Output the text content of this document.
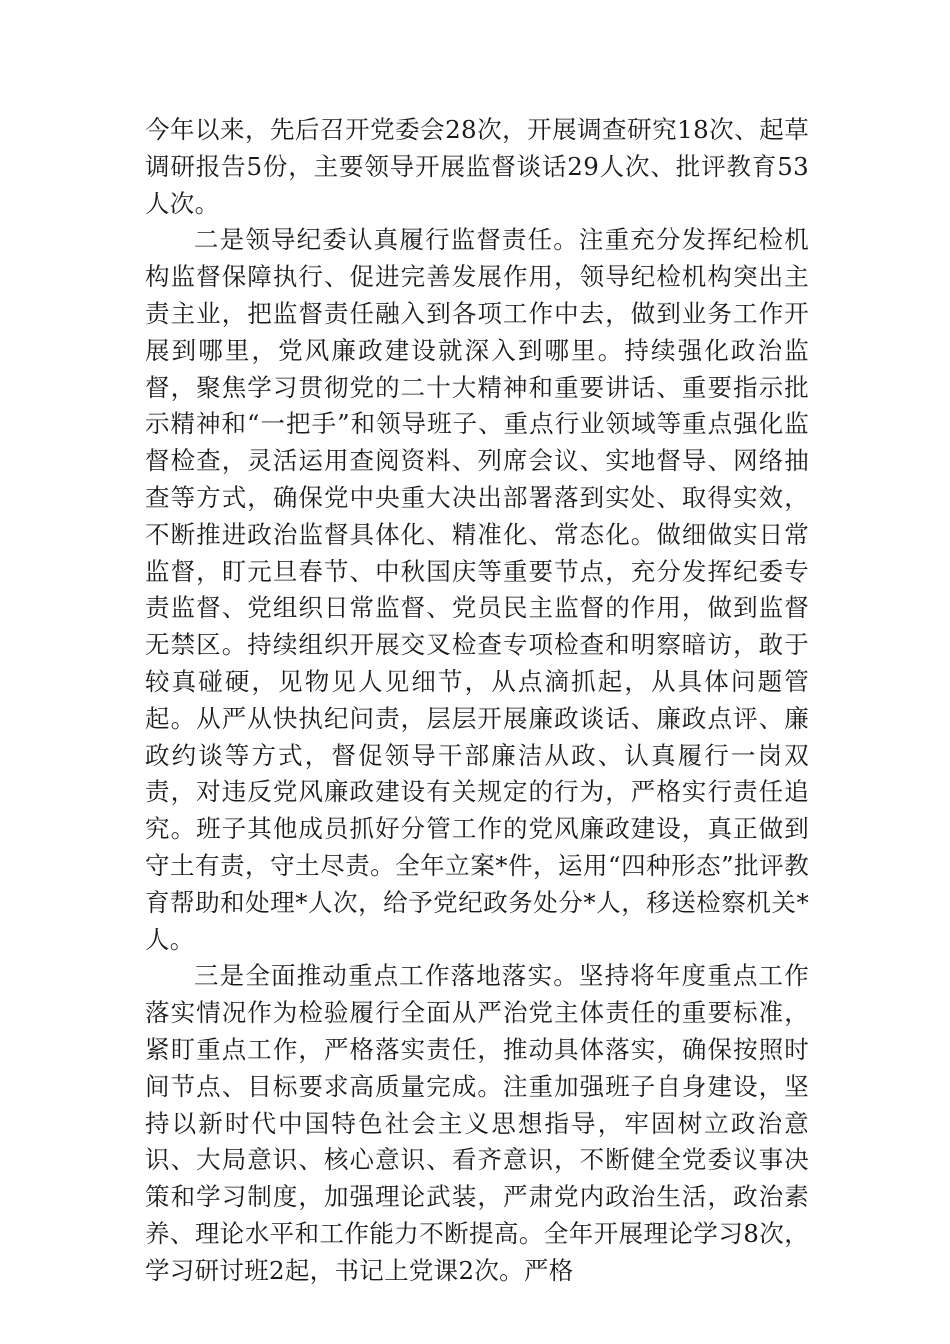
今年以来，先后召开党委会28次，开展调查研究18次、起草调研报告5份，主要领导开展监督谈话29人次、批评教育53人次。

二是领导纪委认真履行监督责任。注重充分发挥纪检机构监督保障执行、促进完善发展作用，领导纪检机构突出主责主业，把监督责任融入到各项工作中去，做到业务工作开展到哪里，党风廉政建设就深入到哪里。持续强化政治监督，聚焦学习贯彻党的二十大精神和重要讲话、重要指示批示精神和“一把手”和领导班子、重点行业领域等重点强化监督检查，灵活运用查阅资料、列席会议、实地督导、网络抽查等方式，确保党中央重大决出部署落到实处、取得实效，不断推进政治监督具体化、精准化、常态化。做细做实日常监督，盯元旦春节、中秋国庆等重要节点，充分发挥纪委专责监督、党组织日常监督、党员民主监督的作用，做到监督无禁区。持续组织开展交叉检查专项检查和明察暗访，敢于较真碰硬，见物见人见细节，从点滴抓起，从具体问题管起。从严从快执纪问责，层层开展廉政谈话、廉政点评、廉政约谈等方式，督促领导干部廉洁从政、认真履行一岗双责，对违反党风廉政建设有关规定的行为，严格实行责任追究。班子其他成员抓好分管工作的党风廉政建设，真正做到守土有责，守土尽责。全年立案*件，运用“四种形态”批评教育帮助和处理*人次，给予党纪政务处分*人，移送检察机关*人。

三是全面推动重点工作落地落实。坚持将年度重点工作落实情况作为检验履行全面从严治党主体责任的重要标准，紧盯重点工作，严格落实责任，推动具体落实，确保按照时间节点、目标要求高质量完成。注重加强班子自身建设，坚持以新时代中国特色社会主义思想指导，牢固树立政治意识、大局意识、核心意识、看齐意识，不断健全党委议事决策和学习制度，加强理论武装，严肃党内政治生活，政治素养、理论水平和工作能力不断提高。全年开展理论学习8次，学习研讨班2起，书记上党课2次。严格
